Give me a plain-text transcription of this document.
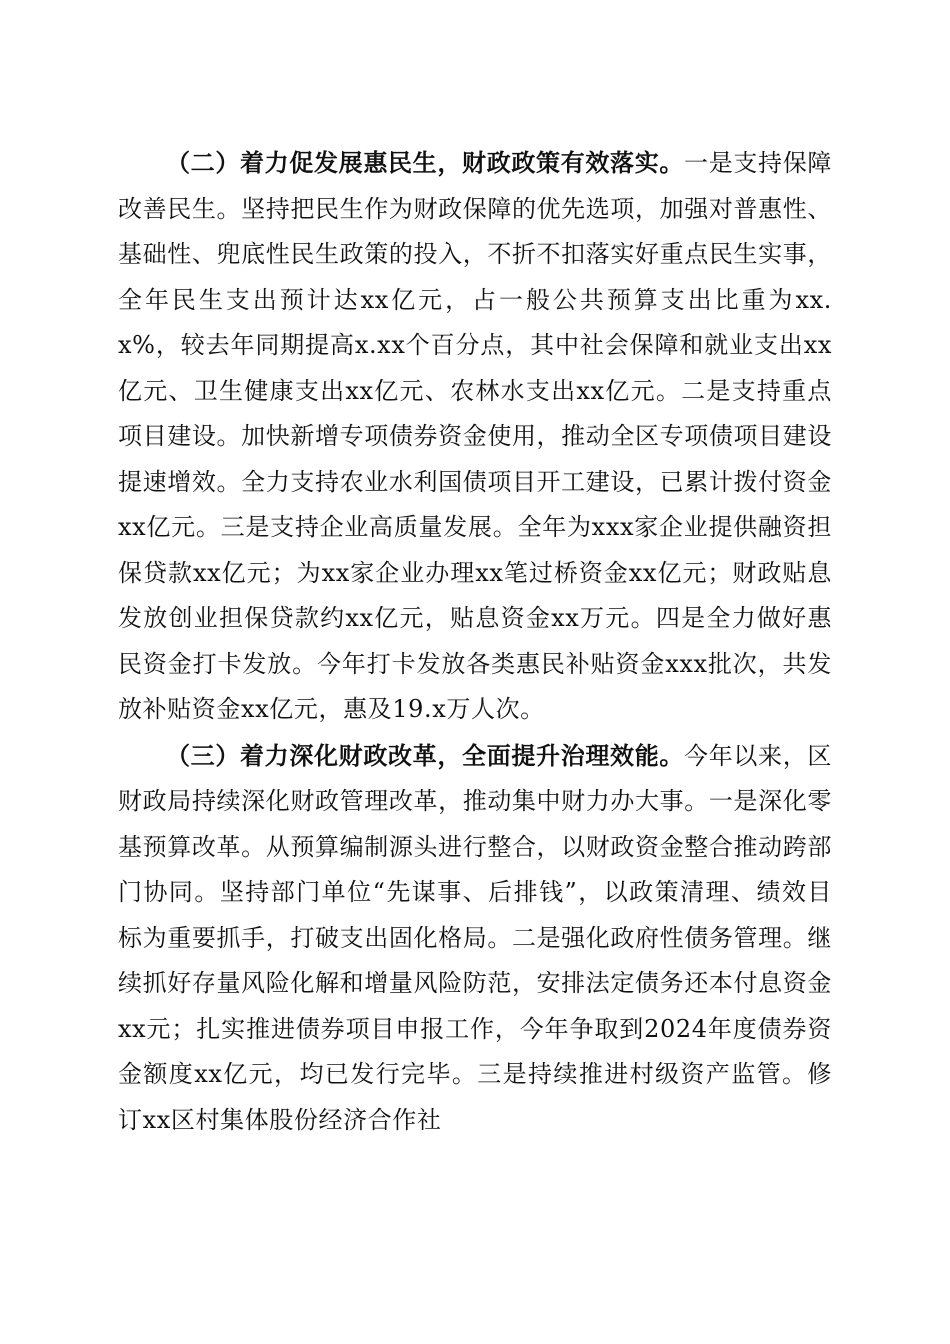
（二）着力促发展惠民生，财政政策有效落实。一是支持保障改善民生。坚持把民生作为财政保障的优先选项，加强对普惠性、基础性、兜底性民生政策的投入，不折不扣落实好重点民生实事，全年民生支出预计达xx亿元，占一般公共预算支出比重为xx.x%，较去年同期提高x.xx个百分点，其中社会保障和就业支出xx亿元、卫生健康支出xx亿元、农林水支出xx亿元。二是支持重点项目建设。加快新增专项债券资金使用，推动全区专项债项目建设提速增效。全力支持农业水利国债项目开工建设，已累计拨付资金xx亿元。三是支持企业高质量发展。全年为xxx家企业提供融资担保贷款xx亿元；为xx家企业办理xx笔过桥资金xx亿元；财政贴息发放创业担保贷款约xx亿元，贴息资金xx万元。四是全力做好惠民资金打卡发放。今年打卡发放各类惠民补贴资金xxx批次，共发放补贴资金xx亿元，惠及19.x万人次。

（三）着力深化财政改革，全面提升治理效能。今年以来，区财政局持续深化财政管理改革，推动集中财力办大事。一是深化零基预算改革。从预算编制源头进行整合，以财政资金整合推动跨部门协同。坚持部门单位“先谋事、后排钱”，以政策清理、绩效目标为重要抓手，打破支出固化格局。二是强化政府性债务管理。继续抓好存量风险化解和增量风险防范，安排法定债务还本付息资金xx元；扎实推进债券项目申报工作，今年争取到2024年度债券资金额度xx亿元，均已发行完毕。三是持续推进村级资产监管。修订xx区村集体股份经济合作社
